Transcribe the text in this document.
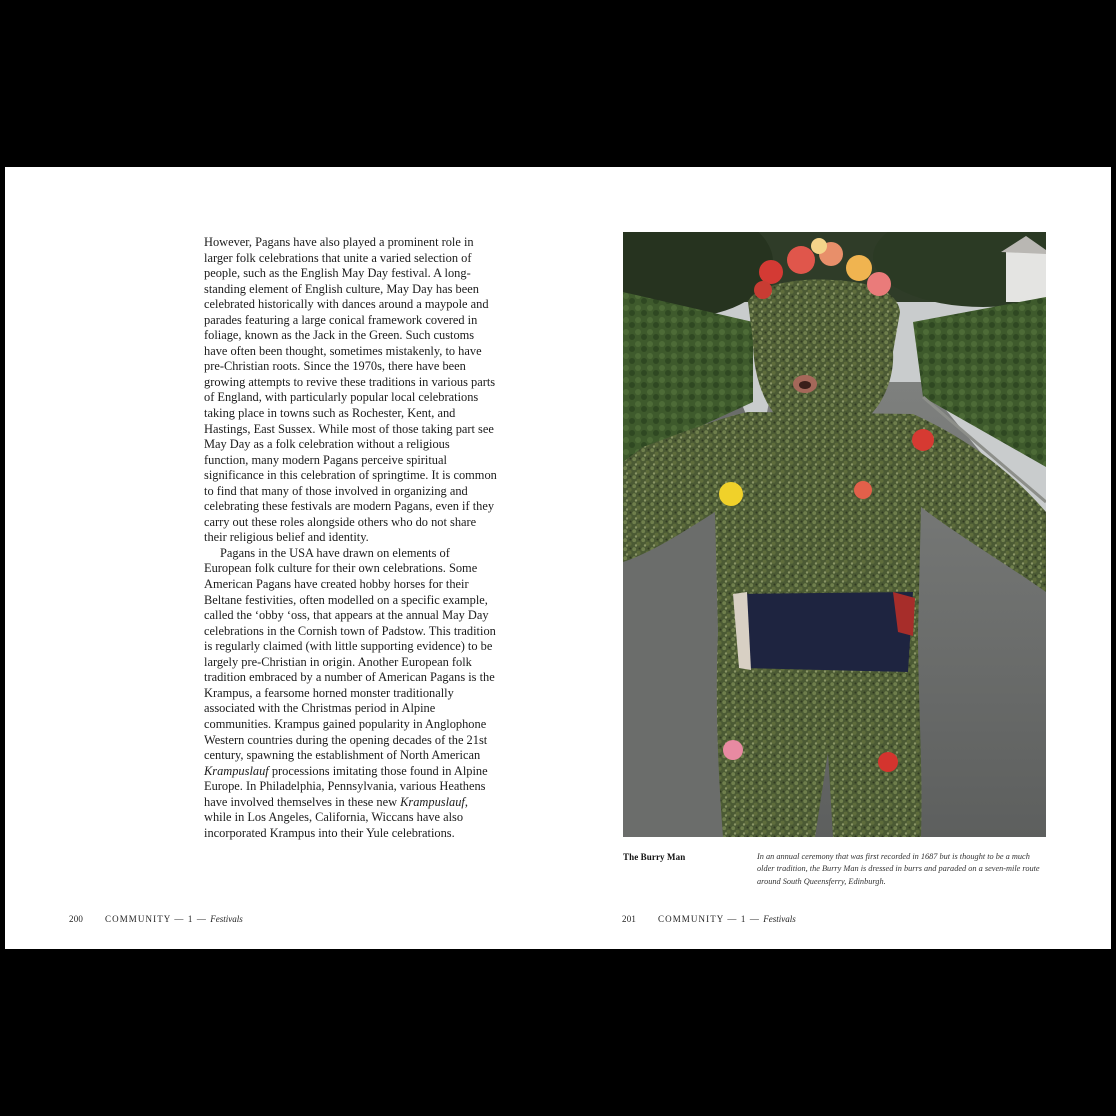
However, Pagans have also played a prominent role in larger folk celebrations that unite a varied selection of people, such as the English May Day festival. A long-standing element of English culture, May Day has been celebrated historically with dances around a maypole and parades featuring a large conical framework covered in foliage, known as the Jack in the Green. Such customs have often been thought, sometimes mistakenly, to have pre-Christian roots. Since the 1970s, there have been growing attempts to revive these traditions in various parts of England, with particularly popular local celebrations taking place in towns such as Rochester, Kent, and Hastings, East Sussex. While most of those taking part see May Day as a folk celebration without a religious function, many modern Pagans perceive spiritual significance in this celebration of springtime. It is common to find that many of those involved in organizing and celebrating these festivals are modern Pagans, even if they carry out these roles alongside others who do not share their religious belief and identity.

Pagans in the USA have drawn on elements of European folk culture for their own celebrations. Some American Pagans have created hobby horses for their Beltane festivities, often modelled on a specific example, called the ‘obby ‘oss, that appears at the annual May Day celebrations in the Cornish town of Padstow. This tradition is regularly claimed (with little supporting evidence) to be largely pre-Christian in origin. Another European folk tradition embraced by a number of American Pagans is the Krampus, a fearsome horned monster traditionally associated with the Christmas period in Alpine communities. Krampus gained popularity in Anglophone Western countries during the opening decades of the 21st century, spawning the establishment of North American Krampuslauf processions imitating those found in Alpine Europe. In Philadelphia, Pennsylvania, various Heathens have involved themselves in these new Krampuslauf, while in Los Angeles, California, Wiccans have also incorporated Krampus into their Yule celebrations.

200 COMMUNITY — 1 — Festivals
The Burry Man	In an annual ceremony that was first recorded in 1687 but is thought to be a much older tradition, the Burry Man is dressed in burrs and paraded on a seven-mile route around South Queensferry, Edinburgh.
201 COMMUNITY — 1 — Festivals
